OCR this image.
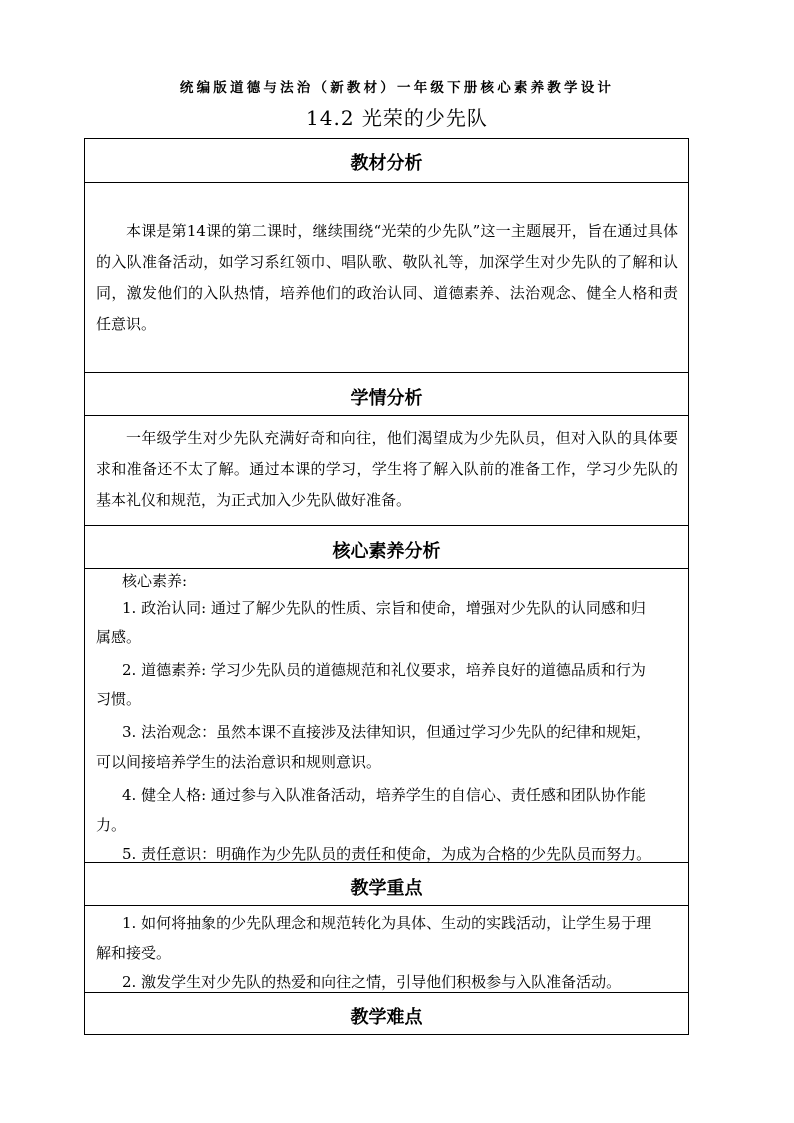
统编版道德与法治（新教材）一年级下册核心素养教学设计
14.2 光荣的少先队
教材分析

本课是第14课的第二课时，继续围绕“光荣的少先队”这一主题展开，旨在通过具体的入队准备活动，如学习系红领巾、唱队歌、敬队礼等，加深学生对少先队的了解和认同，激发他们的入队热情，培养他们的政治认同、道德素养、法治观念、健全人格和责任意识。

学情分析

一年级学生对少先队充满好奇和向往，他们渴望成为少先队员，但对入队的具体要求和准备还不太了解。通过本课的学习，学生将了解入队前的准备工作，学习少先队的基本礼仪和规范，为正式加入少先队做好准备。

核心素养分析
核心素养:
1. 政治认同: 通过了解少先队的性质、宗旨和使命，增强对少先队的认同感和归
属感。
2. 道德素养: 学习少先队员的道德规范和礼仪要求，培养良好的道德品质和行为
习惯。
3. 法治观念：虽然本课不直接涉及法律知识，但通过学习少先队的纪律和规矩，
可以间接培养学生的法治意识和规则意识。
4. 健全人格: 通过参与入队准备活动，培养学生的自信心、责任感和团队协作能
力。
5. 责任意识：明确作为少先队员的责任和使命，为成为合格的少先队员而努力。
教学重点
1. 如何将抽象的少先队理念和规范转化为具体、生动的实践活动，让学生易于理
解和接受。
2. 激发学生对少先队的热爱和向往之情，引导他们积极参与入队准备活动。
教学难点
